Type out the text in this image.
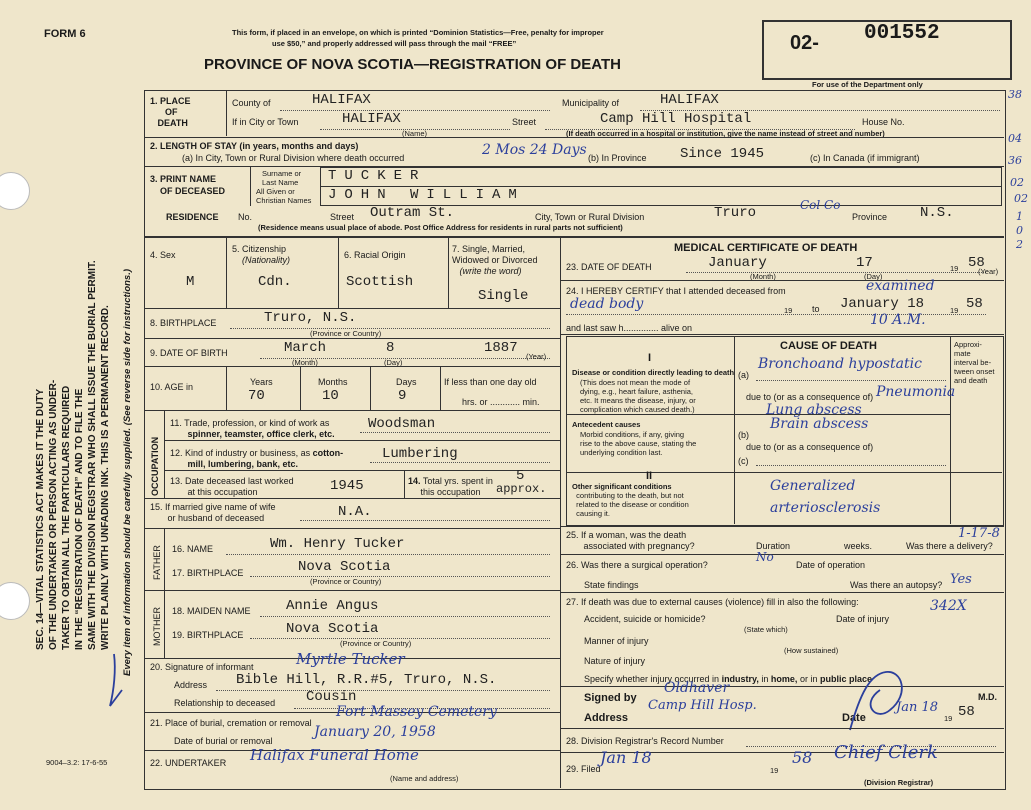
FORM 6	This form, if placed in an envelope, on which is printed “Dominion Statistics—Free, penalty for improper
use $50,” and properly addressed will pass through the mail “FREE”
PROVINCE OF NOVA SCOTIA—REGISTRATION OF DEATH
02- 001552
For use of the Department only
38
04
36
02
02
1
0
2
SEC. 14—VITAL STATISTICS ACT MAKES IT THE DUTY OF THE UNDERTAKER OR PERSON ACTING AS UNDER- TAKER TO OBTAIN ALL THE PARTICULARS REQUIRED IN THE “REGISTRATION OF DEATH” AND TO FILE THE SAME WITH THE DIVISION REGISTRAR WHO SHALL ISSUE THE BURIAL PERMIT. WRITE PLAINLY WITH UNFADING INK. THIS IS A PERMANENT RECORD. Every item of information should be carefully supplied. (See reverse side for instructions.)
1. PLACE
OF
DEATH
County of	HALIFAX	Municipality of	HALIFAX
If in City or Town	HALIFAX
(Name)
Street	Camp Hill Hospital	House No.
(If death occurred in a hospital or institution, give the name instead of street and number)
2. LENGTH OF STAY (in years, months and days)
(a) In City, Town or Rural Division where death occurred	2 Mos 24 Days (b) In Province Since 1945	(c) In Canada (if immigrant)
3. PRINT NAME
OF DECEASED
Surname or
Last Name
All Given or
Christian Names
TUCKER
JOHN WILLIAM
RESIDENCE No.	Street Outram St.	City, Town or Rural Division	Truro	Col Co
Province N.S.
(Residence means usual place of abode. Post Office Address for residents in rural parts not sufficient)
4. Sex
5. Citizenship
(Nationality)	6. Racial Origin
7. Single, Married,
Widowed or Divorced
(write the word)
M	Cdn.	Scottish
Single
8. BIRTHPLACE	Truro, N.S.
(Province or Country)
9. DATE OF BIRTH	March	8	1887
(Month)	(Day)
(Year)
10. AGE in	Years	Months	Days	If less than one day old
hrs. or ............ min.
70	10	9
OCCUPATION
11. Trade, profession, or kind of work as
spinner, teamster, office clerk, etc.
Woodsman
12. Kind of industry or business, as cotton-
mill, lumbering, bank, etc.
Lumbering
13. Date deceased last worked
at this occupation	1945	14. Total yrs. spent in
this occupation
5
approx.
15. If married give name of wife
or husband of deceased	N.A.
FATHER 16. NAME	Wm. Henry Tucker
17. BIRTHPLACE	Nova Scotia
(Province or Country)
MOTHER 18. MAIDEN NAME	Annie Angus
19. BIRTHPLACE	Nova Scotia
(Province or Country)
20. Signature of informant	Myrtle Tucker
Address Bible Hill, R.R.#5, Truro, N.S.
Relationship to deceased Cousin
21. Place of burial, cremation or removal
Fort Massey Cemetery
Date of burial or removal
January 20, 1958
22. UNDERTAKER Halifax Funeral Home
(Name and address)
9004–3.2: 17-6-55
MEDICAL CERTIFICATE OF DEATH
23. DATE OF DEATH	January	17	19 58
(Month)	(Day)
(Year)
24. I HEREBY CERTIFY that I attended deceased from	examined
dead body	19 to January 18	19 58
and last saw h.............. alive on	10 A.M.
CAUSE OF DEATH	Approxi-
mate
interval be-
tween onset
and death
I
Disease or condition directly leading to death
(This does not mean the mode of
dying, e.g., heart failure, asthenia,
etc. It means the disease, injury, or
complication which caused death.)
(a)
Bronchoand hypostatic
due to (or as a consequence of) Pneumonia
Lung abscess
Antecedent causes
Morbid conditions, if any, giving
rise to the above cause, stating the
underlying condition last.
(b)
Brain abscess
due to (or as a consequence of)
(c)
II
Other significant conditions
contributing to the death, but not
related to the disease or condition
causing it.
Generalized
arteriosclerosis
25. If a woman, was the death
associated with pregnancy?	Duration	weeks.	Was there a delivery?
1-17-8
26. Was there a surgical operation?
No
Date of operation
State findings	Was there an autopsy? Yes
27. If death was due to external causes (violence) fill in also the following:
Accident, suicide or homicide?
(State which)
Date of injury
342X
Manner of injury
(How sustained)
Nature of injury
Specify whether injury occurred in industry, in home, or in public place
Signed by
Oldhaver
M.D.
Address
Camp Hill Hosp.
Date
Jan 18
19 58
28. Division Registrar's Record Number
29. Filed
Jan 18
19
58 Chief Clerk
(Division Registrar)
